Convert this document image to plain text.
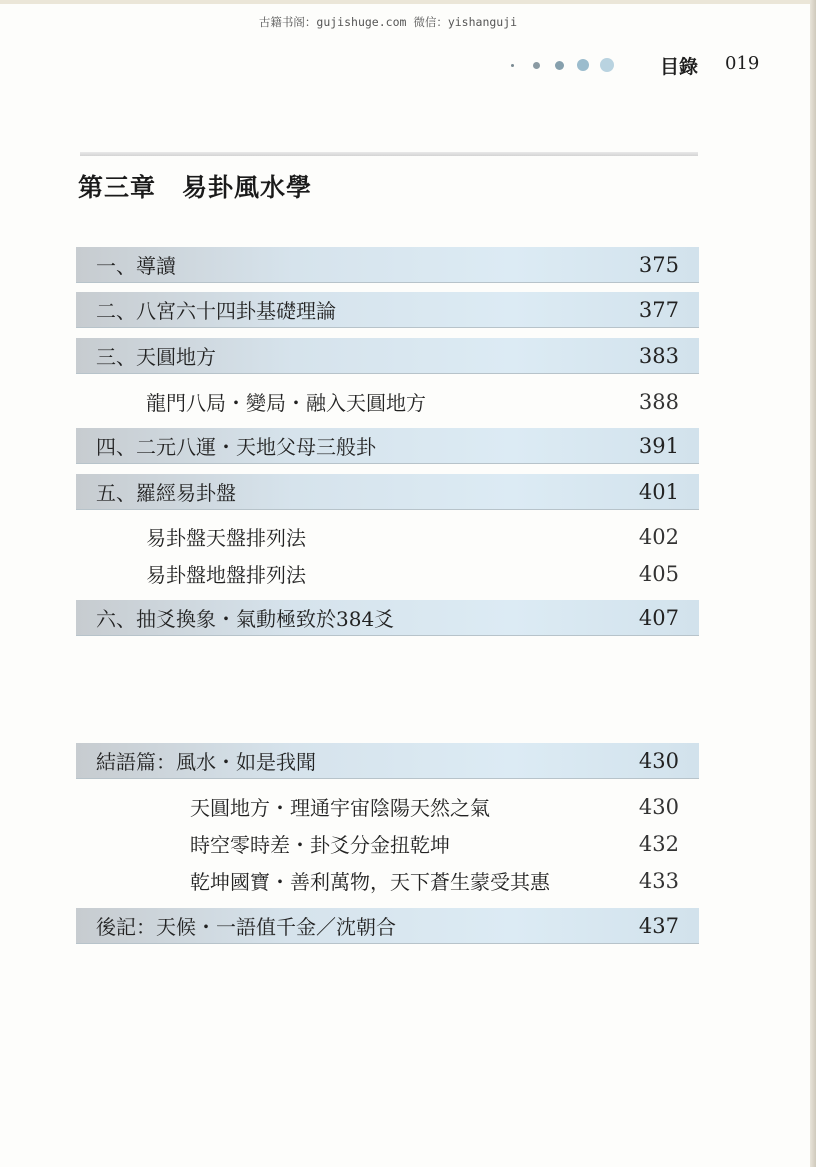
古籍书阁：gujishuge.com 微信：yishanguji
目錄 019
第三章　易卦風水學
一、導讀	375
二、八宮六十四卦基礎理論	377
三、天圓地方	383
龍門八局・變局・融入天圓地方	388
四、二元八運・天地父母三般卦	391
五、羅經易卦盤	401
易卦盤天盤排列法	402
易卦盤地盤排列法	405
六、抽爻換象・氣動極致於384爻	407
結語篇：風水・如是我聞	430
天圓地方・理通宇宙陰陽天然之氣	430
時空零時差・卦爻分金扭乾坤	432
乾坤國寶・善利萬物，天下蒼生蒙受其惠	433
後記：天候・一語值千金／沈朝合	437
